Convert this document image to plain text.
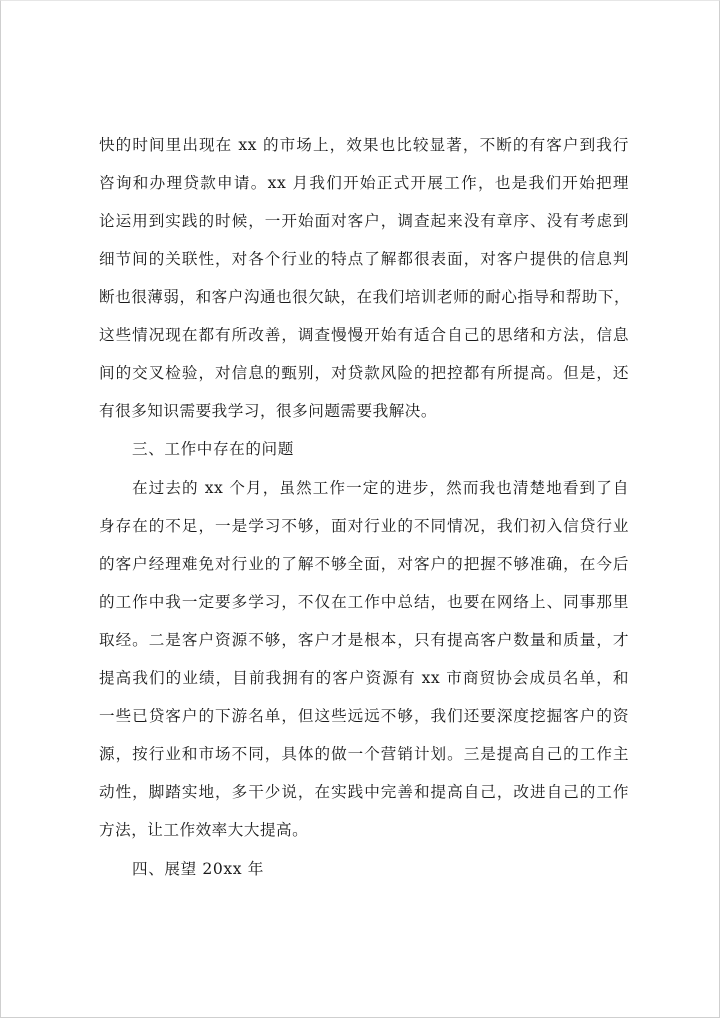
快的时间里出现在 xx 的市场上，效果也比较显著，不断的有客户到我行
咨询和办理贷款申请。xx 月我们开始正式开展工作，也是我们开始把理
论运用到实践的时候，一开始面对客户，调查起来没有章序、没有考虑到
细节间的关联性，对各个行业的特点了解都很表面，对客户提供的信息判
断也很薄弱，和客户沟通也很欠缺，在我们培训老师的耐心指导和帮助下，
这些情况现在都有所改善，调查慢慢开始有适合自己的思绪和方法，信息
间的交叉检验，对信息的甄别，对贷款风险的把控都有所提高。但是，还
有很多知识需要我学习，很多问题需要我解决。
三、工作中存在的问题
在过去的 xx 个月，虽然工作一定的进步，然而我也清楚地看到了自
身存在的不足，一是学习不够，面对行业的不同情况，我们初入信贷行业
的客户经理难免对行业的了解不够全面，对客户的把握不够准确，在今后
的工作中我一定要多学习，不仅在工作中总结，也要在网络上、同事那里
取经。二是客户资源不够，客户才是根本，只有提高客户数量和质量，才
提高我们的业绩，目前我拥有的客户资源有 xx 市商贸协会成员名单，和
一些已贷客户的下游名单，但这些远远不够，我们还要深度挖掘客户的资
源，按行业和市场不同，具体的做一个营销计划。三是提高自己的工作主
动性，脚踏实地，多干少说，在实践中完善和提高自己，改进自己的工作
方法，让工作效率大大提高。
四、展望 20xx 年
